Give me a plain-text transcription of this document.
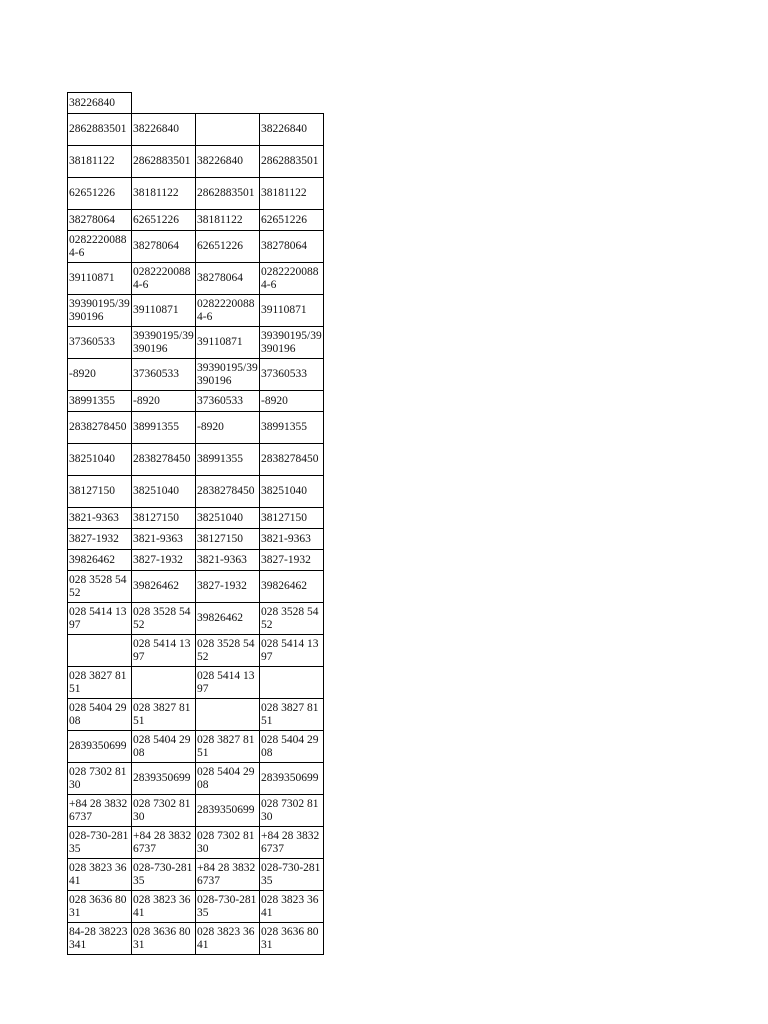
38226840			
2862883501	38226840		38226840
38181122	2862883501	38226840	2862883501
62651226	38181122	2862883501	38181122
38278064	62651226	38181122	62651226
02822200884-6	38278064	62651226	38278064
39110871	02822200884-6	38278064	02822200884-6
39390195/39390196	39110871	02822200884-6	39110871
37360533	39390195/39390196	39110871	39390195/39390196
-8920	37360533	39390195/39390196	37360533
38991355	-8920	37360533	-8920
2838278450	38991355	-8920	38991355
38251040	2838278450	38991355	2838278450
38127150	38251040	2838278450	38251040
3821-9363	38127150	38251040	38127150
3827-1932	3821-9363	38127150	3821-9363
39826462	3827-1932	3821-9363	3827-1932
028 3528 5452	39826462	3827-1932	39826462
028 5414 1397	028 3528 5452	39826462	028 3528 5452
	028 5414 1397	028 3528 5452	028 5414 1397
028 3827 8151		028 5414 1397	
028 5404 2908	028 3827 8151		028 3827 8151
2839350699	028 5404 2908	028 3827 8151	028 5404 2908
028 7302 8130	2839350699	028 5404 2908	2839350699
+84 28 38326737	028 7302 8130	2839350699	028 7302 8130
028-730-28135	+84 28 38326737	028 7302 8130	+84 28 38326737
028 3823 3641	028-730-28135	+84 28 38326737	028-730-28135
028 3636 8031	028 3823 3641	028-730-28135	028 3823 3641
84-28 38223341	028 3636 8031	028 3823 3641	028 3636 8031
